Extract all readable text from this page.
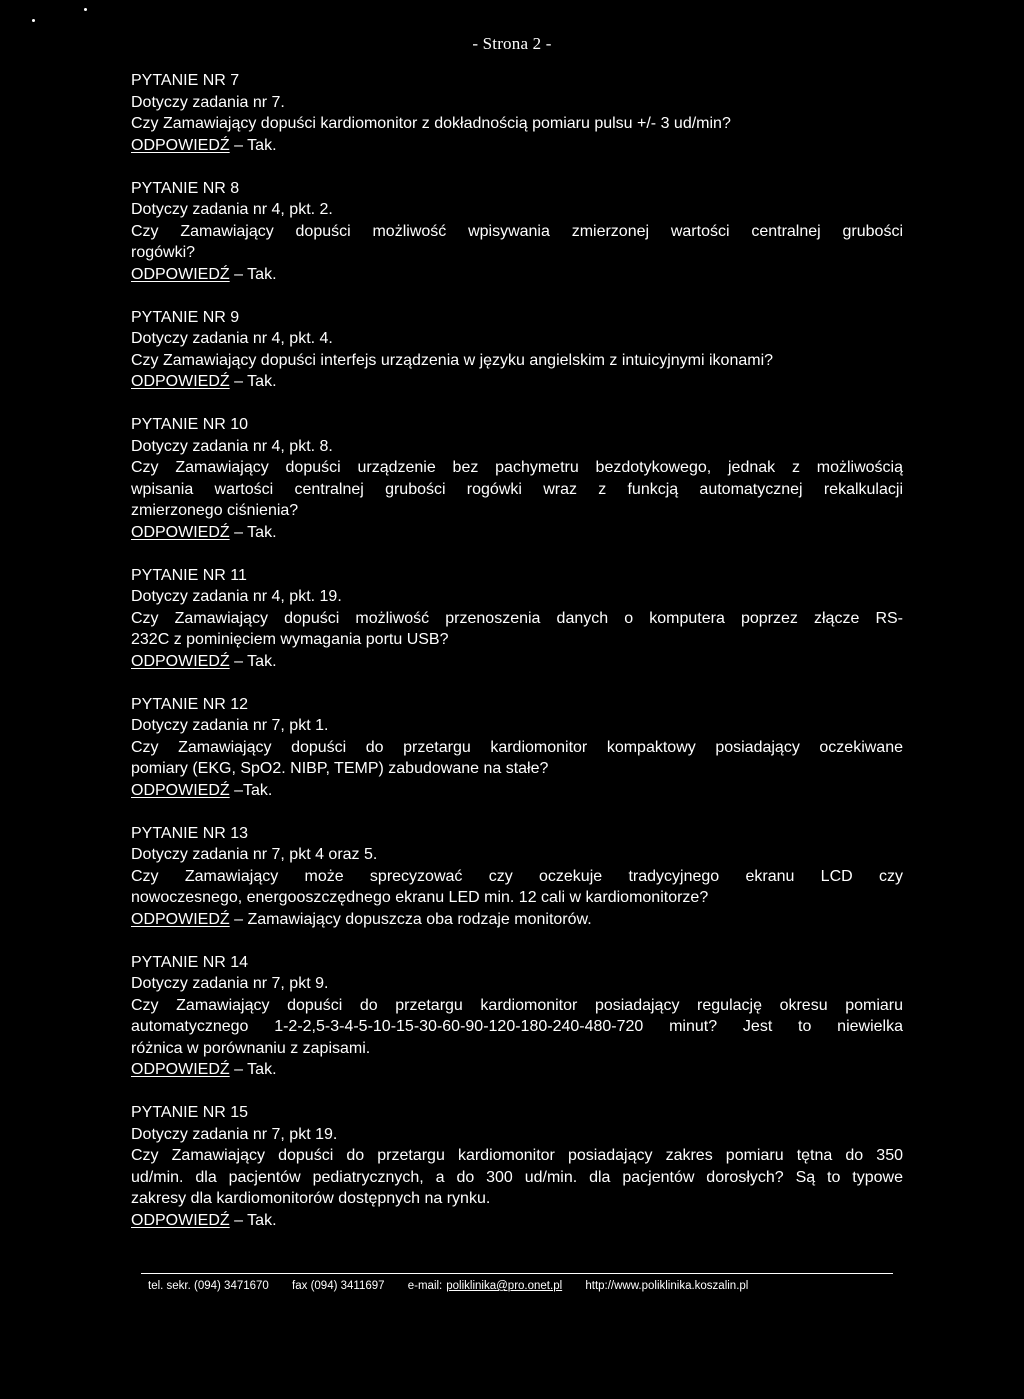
- Strona 2 -
PYTANIE NR 7
Dotyczy zadania nr 7.
Czy Zamawiający dopuści kardiomonitor z dokładnością pomiaru pulsu +/- 3 ud/min?
ODPOWIEDŹ – Tak.
PYTANIE NR 8
Dotyczy zadania nr 4, pkt. 2.
Czy Zamawiający dopuści możliwość wpisywania zmierzonej wartości centralnej grubości
rogówki?
ODPOWIEDŹ – Tak.
PYTANIE NR 9
Dotyczy zadania nr 4, pkt. 4.
Czy Zamawiający dopuści interfejs urządzenia w języku angielskim z intuicyjnymi ikonami?
ODPOWIEDŹ – Tak.
PYTANIE NR 10
Dotyczy zadania nr 4, pkt. 8.
Czy Zamawiający dopuści urządzenie bez pachymetru bezdotykowego, jednak z możliwością
wpisania wartości centralnej grubości rogówki wraz z funkcją automatycznej rekalkulacji
zmierzonego ciśnienia?
ODPOWIEDŹ – Tak.
PYTANIE NR 11
Dotyczy zadania nr 4, pkt. 19.
Czy Zamawiający dopuści możliwość przenoszenia danych o komputera poprzez złącze RS-
232C z pominięciem wymagania portu USB?
ODPOWIEDŹ – Tak.
PYTANIE NR 12
Dotyczy zadania nr 7, pkt 1.
Czy Zamawiający dopuści do przetargu kardiomonitor kompaktowy posiadający oczekiwane
pomiary (EKG, SpO2. NIBP, TEMP) zabudowane na stałe?
ODPOWIEDŹ –Tak.
PYTANIE NR 13
Dotyczy zadania nr 7, pkt 4 oraz 5.
Czy Zamawiający może sprecyzować czy oczekuje tradycyjnego ekranu LCD czy
nowoczesnego, energooszczędnego ekranu LED min. 12 cali w kardiomonitorze?
ODPOWIEDŹ – Zamawiający dopuszcza oba rodzaje monitorów.
PYTANIE NR 14
Dotyczy zadania nr 7, pkt 9.
Czy Zamawiający dopuści do przetargu kardiomonitor posiadający regulację okresu pomiaru
automatycznego 1-2-2,5-3-4-5-10-15-30-60-90-120-180-240-480-720 minut? Jest to niewielka
różnica w porównaniu z zapisami.
ODPOWIEDŹ – Tak.
PYTANIE NR 15
Dotyczy zadania nr 7, pkt 19.
Czy Zamawiający dopuści do przetargu kardiomonitor posiadający zakres pomiaru tętna do 350
ud/min. dla pacjentów pediatrycznych, a do 300 ud/min. dla pacjentów dorosłych? Są to typowe
zakresy dla kardiomonitorów dostępnych na rynku.
ODPOWIEDŹ – Tak.
tel. sekr. (094) 3471670 fax (094) 3411697 e-mail: poliklinika@pro.onet.pl http://www.poliklinika.koszalin.pl
